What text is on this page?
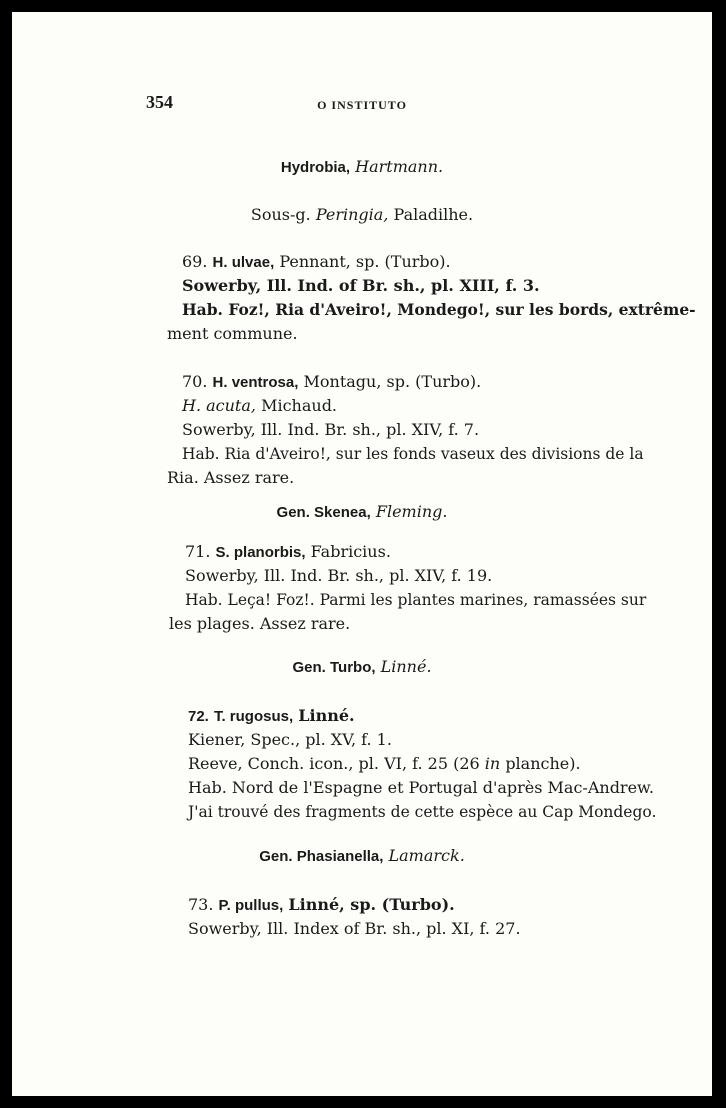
354	O INSTITUTO
Hydrobia, Hartmann.
Sous-g. Peringia, Paladilhe.
69. H. ulvae, Pennant, sp. (Turbo).
Sowerby, Ill. Ind. of Br. sh., pl. XIII, f. 3.
Hab. Foz!, Ria d'Aveiro!, Mondego!, sur les bords, extrême-
ment commune.
70. H. ventrosa, Montagu, sp. (Turbo).
H. acuta, Michaud.
Sowerby, Ill. Ind. Br. sh., pl. XIV, f. 7.
Hab. Ria d'Aveiro!, sur les fonds vaseux des divisions de la
Ria. Assez rare.
Gen. Skenea, Fleming.
71. S. planorbis, Fabricius.
Sowerby, Ill. Ind. Br. sh., pl. XIV, f. 19.
Hab. Leça! Foz!. Parmi les plantes marines, ramassées sur
les plages. Assez rare.
Gen. Turbo, Linné.
72. T. rugosus, Linné.
Kiener, Spec., pl. XV, f. 1.
Reeve, Conch. icon., pl. VI, f. 25 (26 in planche).
Hab. Nord de l'Espagne et Portugal d'après Mac-Andrew.
J'ai trouvé des fragments de cette espèce au Cap Mondego.
Gen. Phasianella, Lamarck.
73. P. pullus, Linné, sp. (Turbo).
Sowerby, Ill. Index of Br. sh., pl. XI, f. 27.
